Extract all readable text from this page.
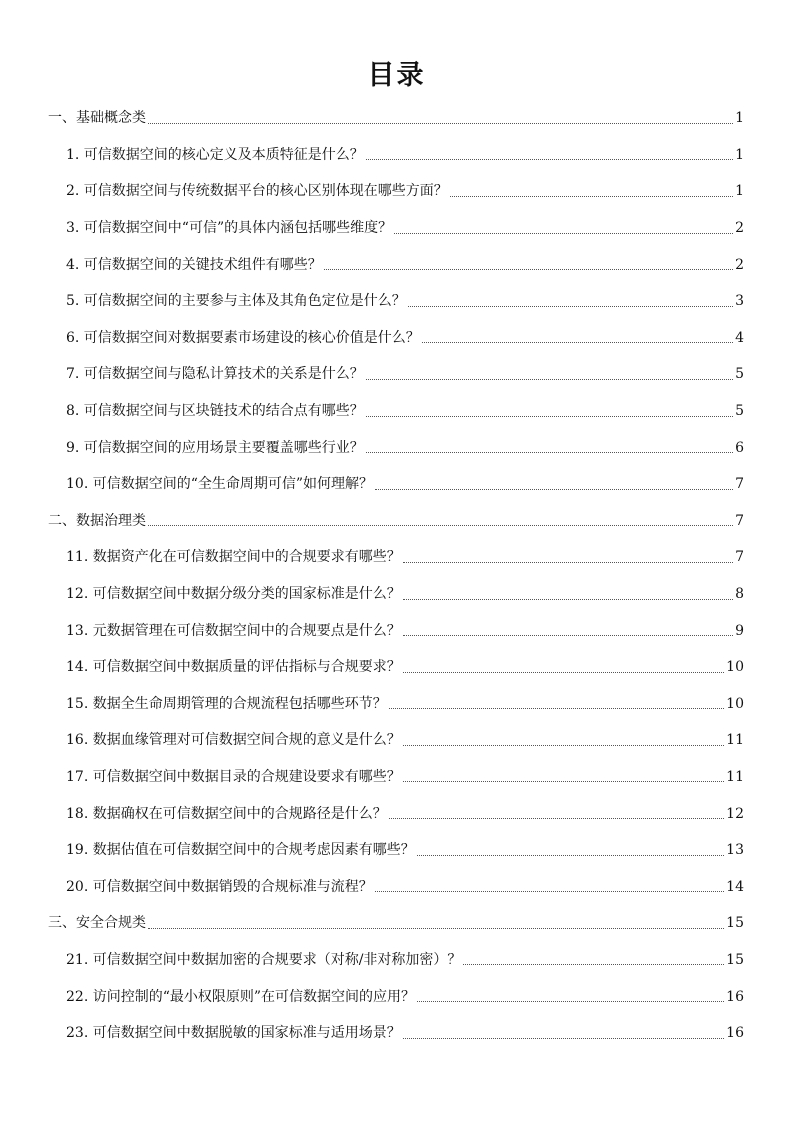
目录
一、基础概念类	1
1. 可信数据空间的核心定义及本质特征是什么？	1
2. 可信数据空间与传统数据平台的核心区别体现在哪些方面？	1
3. 可信数据空间中“可信”的具体内涵包括哪些维度？	2
4. 可信数据空间的关键技术组件有哪些？	2
5. 可信数据空间的主要参与主体及其角色定位是什么？	3
6. 可信数据空间对数据要素市场建设的核心价值是什么？	4
7. 可信数据空间与隐私计算技术的关系是什么？	5
8. 可信数据空间与区块链技术的结合点有哪些？	5
9. 可信数据空间的应用场景主要覆盖哪些行业？	6
10. 可信数据空间的“全生命周期可信”如何理解？	7
二、数据治理类	7
11. 数据资产化在可信数据空间中的合规要求有哪些？	7
12. 可信数据空间中数据分级分类的国家标准是什么？	8
13. 元数据管理在可信数据空间中的合规要点是什么？	9
14. 可信数据空间中数据质量的评估指标与合规要求？	10
15. 数据全生命周期管理的合规流程包括哪些环节？	10
16. 数据血缘管理对可信数据空间合规的意义是什么？	11
17. 可信数据空间中数据目录的合规建设要求有哪些？	11
18. 数据确权在可信数据空间中的合规路径是什么？	12
19. 数据估值在可信数据空间中的合规考虑因素有哪些？	13
20. 可信数据空间中数据销毁的合规标准与流程？	14
三、安全合规类	15
21. 可信数据空间中数据加密的合规要求（对称/非对称加密）？	15
22. 访问控制的“最小权限原则”在可信数据空间的应用？	16
23. 可信数据空间中数据脱敏的国家标准与适用场景？	16
